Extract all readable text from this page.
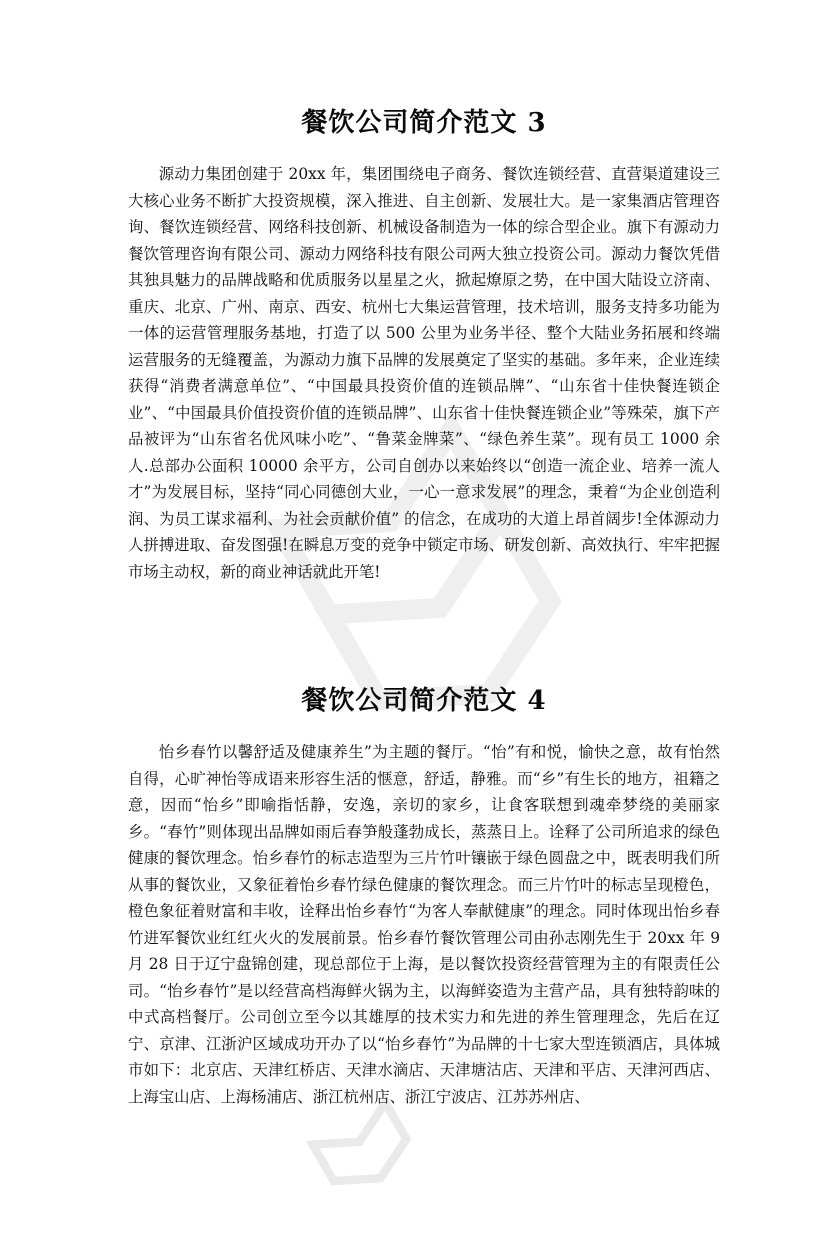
餐饮公司简介范文 3

源动力集团创建于 20xx 年，集团围绕电子商务、餐饮连锁经营、直营渠道建设三大核心业务不断扩大投资规模，深入推进、自主创新、发展壮大。是一家集酒店管理咨询、餐饮连锁经营、网络科技创新、机械设备制造为一体的综合型企业。旗下有源动力餐饮管理咨询有限公司、源动力网络科技有限公司两大独立投资公司。源动力餐饮凭借其独具魅力的品牌战略和优质服务以星星之火，掀起燎原之势，在中国大陆设立济南、重庆、北京、广州、南京、西安、杭州七大集运营管理，技术培训，服务支持多功能为一体的运营管理服务基地，打造了以 500 公里为业务半径、整个大陆业务拓展和终端运营服务的无缝覆盖，为源动力旗下品牌的发展奠定了坚实的基础。多年来，企业连续获得“消费者满意单位”、“中国最具投资价值的连锁品牌”、“山东省十佳快餐连锁企业”、“中国最具价值投资价值的连锁品牌”、山东省十佳快餐连锁企业”等殊荣，旗下产品被评为“山东省名优风味小吃”、“鲁菜金牌菜”、“绿色养生菜”。现有员工 1000 余人.总部办公面积 10000 余平方，公司自创办以来始终以“创造一流企业、培养一流人才”为发展目标，坚持“同心同德创大业，一心一意求发展”的理念，秉着“为企业创造利润、为员工谋求福利、为社会贡献价值” 的信念，在成功的大道上昂首阔步!全体源动力人拼搏进取、奋发图强!在瞬息万变的竞争中锁定市场、研发创新、高效执行、牢牢把握市场主动权，新的商业神话就此开笔!

餐饮公司简介范文 4

怡乡春竹以馨舒适及健康养生”为主题的餐厅。“怡”有和悦，愉快之意，故有怡然自得，心旷神怡等成语来形容生活的惬意，舒适，静雅。而“乡”有生长的地方，祖籍之意，因而“怡乡”即喻指恬静，安逸，亲切的家乡，让食客联想到魂牵梦绕的美丽家乡。“春竹”则体现出品牌如雨后春笋般蓬勃成长，蒸蒸日上。诠释了公司所追求的绿色健康的餐饮理念。怡乡春竹的标志造型为三片竹叶镶嵌于绿色圆盘之中，既表明我们所从事的餐饮业，又象征着怡乡春竹绿色健康的餐饮理念。而三片竹叶的标志呈现橙色，橙色象征着财富和丰收，诠释出怡乡春竹“为客人奉献健康”的理念。同时体现出怡乡春竹进军餐饮业红红火火的发展前景。怡乡春竹餐饮管理公司由孙志刚先生于 20xx 年 9 月 28 日于辽宁盘锦创建，现总部位于上海，是以餐饮投资经营管理为主的有限责任公司。“怡乡春竹”是以经营高档海鲜火锅为主，以海鲜姿造为主营产品，具有独特韵味的中式高档餐厅。公司创立至今以其雄厚的技术实力和先进的养生管理理念，先后在辽宁、京津、江浙沪区域成功开办了以“怡乡春竹”为品牌的十七家大型连锁酒店，具体城市如下：北京店、天津红桥店、天津水滴店、天津塘沽店、天津和平店、天津河西店、上海宝山店、上海杨浦店、浙江杭州店、浙江宁波店、江苏苏州店、
